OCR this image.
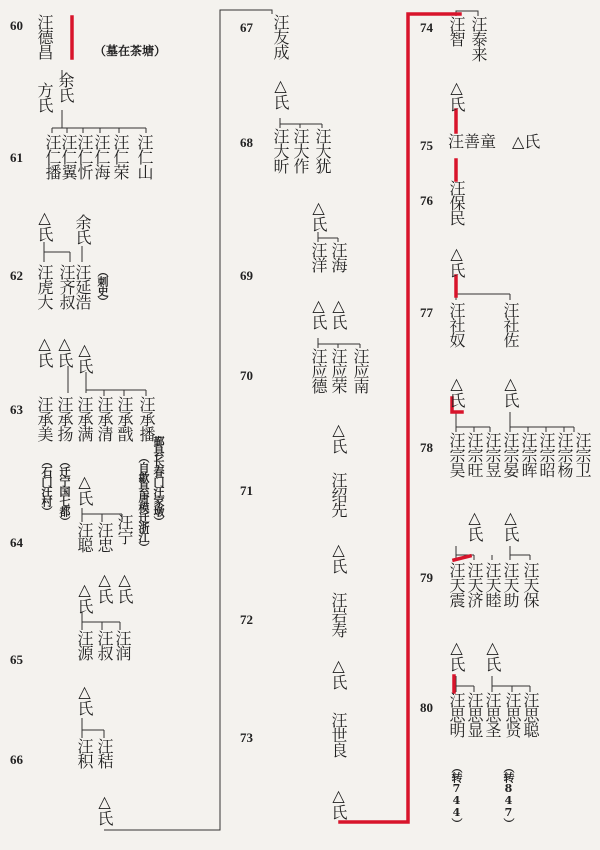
60
61
62
63
64
65
66
67
68
69
70
71
72
73
74
75
76
77
78
79
80
汪德昌	（墓在茶塘）
方氏 余氏
汪仁播
汪仁翼
汪仁忻
汪仁海 汪仁荣 汪仁山
△氏 余氏
汪虎大 汪齐叔
汪延浩 （刺史）
△氏 △氏 △氏
汪承美 汪承扬 汪承满 汪承清 汪承戬 汪承播
（石门汪村） （迁宁国七都）	（自歙县唐模迁浙江） 鄞县长春门汪家墩）
△氏
汪聪 汪忠 汪宁
△氏 △氏 △氏
汪源 汪叔 汪润
△氏
汪积 汪秸
△氏
汪友成
△氏
汪大昕 汪大作 汪大犹
△氏
汪洋 汪海
△氏 △氏
汪应德 汪应荣 汪应南
△氏
汪绍先
△氏
汪岩寿
△氏
汪世良
△氏
汪智 汪泰来
△氏
汪善童 △氏
汪保民
△氏
汪社奴 汪社佐
△氏 △氏
汪宗昊 汪宗旺 汪宗昱 汪宗晏 汪宗晖 汪宗昭 汪宗杨 汪宗卫
△氏 △氏
汪天震 汪天济 汪天睦 汪天助 汪天保
△氏 △氏
汪思明 汪思显 汪思圣 汪思贤 汪思聪
（转744）	（转847）
